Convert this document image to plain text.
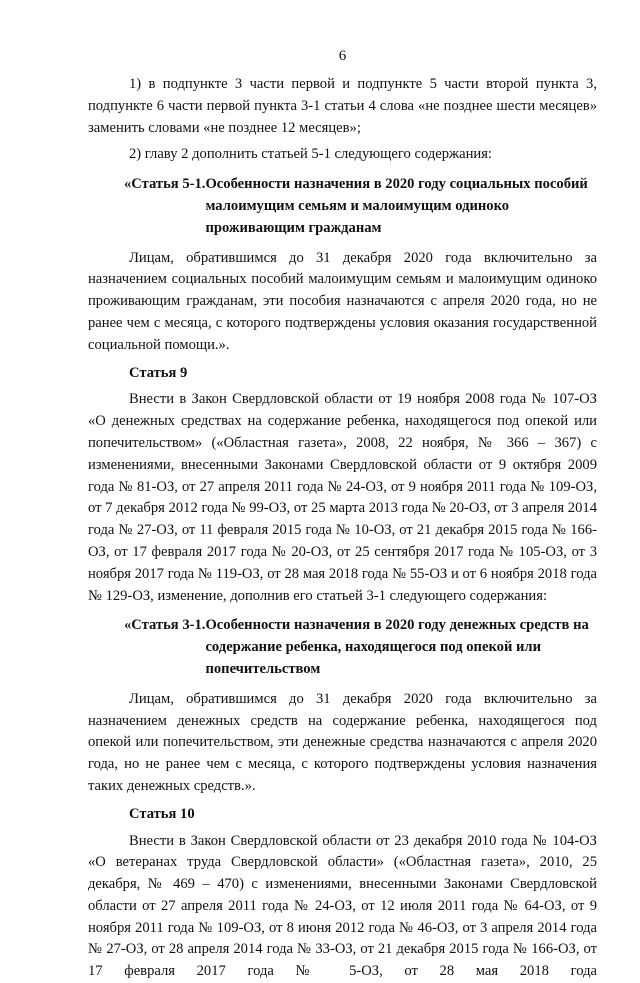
6

1) в подпункте 3 части первой и подпункте 5 части второй пункта 3, подпункте 6 части первой пункта 3-1 статьи 4 слова «не позднее шести месяцев» заменить словами «не позднее 12 месяцев»;

2) главу 2 дополнить статьей 5-1 следующего содержания:

«Статья 5-1. Особенности назначения в 2020 году социальных пособий малоимущим семьям и малоимущим одиноко проживающим гражданам

Лицам, обратившимся до 31 декабря 2020 года включительно за назначением социальных пособий малоимущим семьям и малоимущим одиноко проживающим гражданам, эти пособия назначаются с апреля 2020 года, но не ранее чем с месяца, с которого подтверждены условия оказания государственной социальной помощи.».

Статья 9

Внести в Закон Свердловской области от 19 ноября 2008 года № 107-ОЗ «О денежных средствах на содержание ребенка, находящегося под опекой или попечительством» («Областная газета», 2008, 22 ноября, № 366 – 367) с изменениями, внесенными Законами Свердловской области от 9 октября 2009 года № 81-ОЗ, от 27 апреля 2011 года № 24-ОЗ, от 9 ноября 2011 года № 109-ОЗ, от 7 декабря 2012 года № 99-ОЗ, от 25 марта 2013 года № 20-ОЗ, от 3 апреля 2014 года № 27-ОЗ, от 11 февраля 2015 года № 10-ОЗ, от 21 декабря 2015 года № 166-ОЗ, от 17 февраля 2017 года № 20-ОЗ, от 25 сентября 2017 года № 105-ОЗ, от 3 ноября 2017 года № 119-ОЗ, от 28 мая 2018 года № 55-ОЗ и от 6 ноября 2018 года № 129-ОЗ, изменение, дополнив его статьей 3-1 следующего содержания:

«Статья 3-1. Особенности назначения в 2020 году денежных средств на содержание ребенка, находящегося под опекой или попечительством

Лицам, обратившимся до 31 декабря 2020 года включительно за назначением денежных средств на содержание ребенка, находящегося под опекой или попечительством, эти денежные средства назначаются с апреля 2020 года, но не ранее чем с месяца, с которого подтверждены условия назначения таких денежных средств.».

Статья 10

Внести в Закон Свердловской области от 23 декабря 2010 года № 104-ОЗ «О ветеранах труда Свердловской области» («Областная газета», 2010, 25 декабря, № 469 – 470) с изменениями, внесенными Законами Свердловской области от 27 апреля 2011 года № 24-ОЗ, от 12 июля 2011 года № 64-ОЗ, от 9 ноября 2011 года № 109-ОЗ, от 8 июня 2012 года № 46-ОЗ, от 3 апреля 2014 года № 27-ОЗ, от 28 апреля 2014 года № 33-ОЗ, от 21 декабря 2015 года № 166-ОЗ, от 17 февраля 2017 года № 5-ОЗ, от 28 мая 2018 года
